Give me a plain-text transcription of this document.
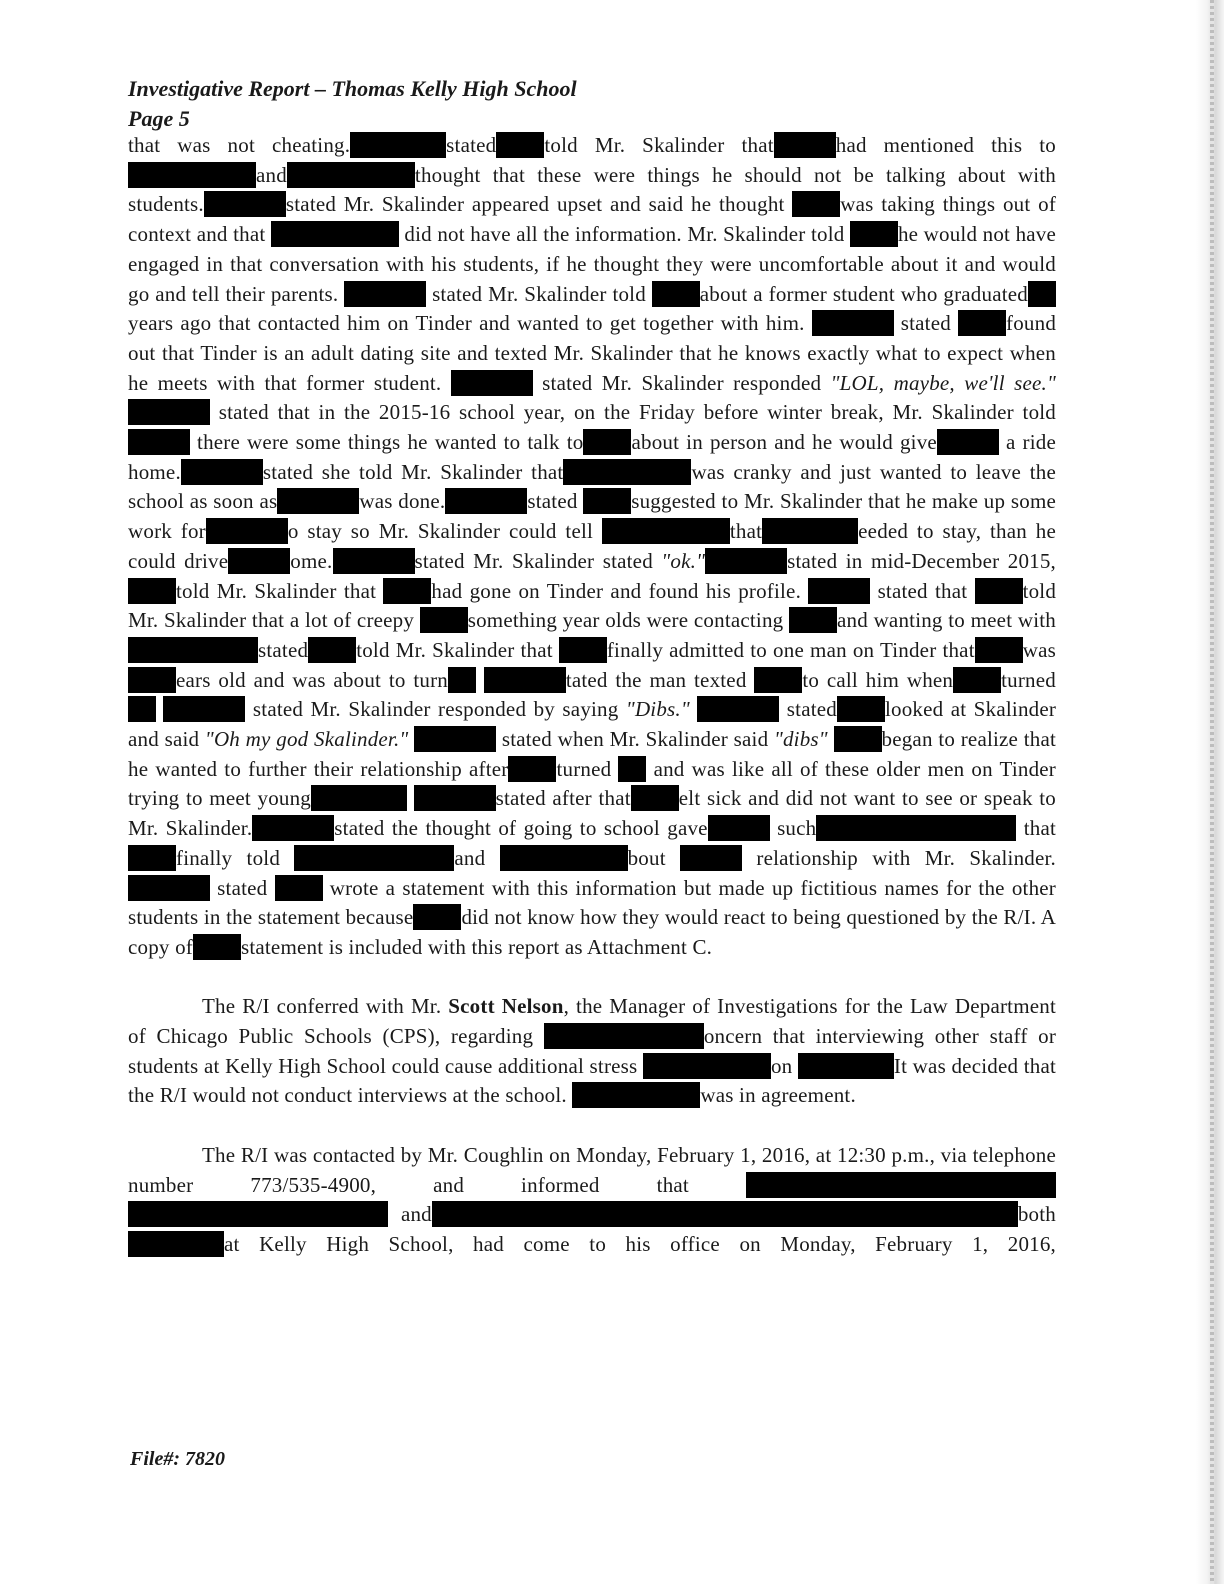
Investigative Report – Thomas Kelly High School
Page 5

that was not cheating.	stated told Mr. Skalinder that	had mentioned this to and	thought that these were things he should not be talking about with students.	stated Mr. Skalinder appeared upset and said he thought	was taking things out of context and that	did not have all the information. Mr. Skalinder told	he would not have engaged in that conversation with his students, if he thought they were uncomfortable about it and would go and tell their parents.	stated Mr. Skalinder told	about a former student who graduatedyears ago that contacted him on Tinder and wanted to get together with him.	stated	found out that Tinder is an adult dating site and texted Mr. Skalinder that he knows exactly what to expect when he meets with that former student.	stated Mr. Skalinder responded "LOL, maybe, we'll see."  stated that in the 2015-16 school year, on the Friday before winter break, Mr. Skalinder told there were some things he wanted to talk to about in person and he would give	a ride home.	stated she told Mr. Skalinder that	was cranky and just wanted to leave the school as soon as	was done.	stated	suggested to Mr. Skalinder that he make up some work for	o stay so Mr. Skalinder could tell	that	eeded to stay, than he could drive	ome.	stated Mr. Skalinder stated "ok."	stated in mid-December 2015,told Mr. Skalinder that	had gone on Tinder and found his profile.	stated that	told Mr. Skalinder that a lot of creepy	something year olds were contacting	and wanting to meet with stated told Mr. Skalinder that	finally admitted to one man on Tinder that wasears old and was about to turn	tated the man texted	to call him when turned   stated Mr. Skalinder responded by saying "Dibs."	stated looked at Skalinder and said "Oh my god Skalinder."	stated when Mr. Skalinder said "dibs"	began to realize that he wanted to further their relationship after turned and was like all of these older men on Tinder trying to meet young	stated after that elt sick and did not want to see or speak to Mr. Skalinder.	stated the thought of going to school gave	such	that finally told	and	bout	relationship with Mr. Skalinder.  stated	wrote a statement with this information but made up fictitious names for the other students in the statement because did not know how they would react to being questioned by the R/I. A copy of statement is included with this report as Attachment C.

The R/I conferred with Mr. Scott Nelson, the Manager of Investigations for the Law Department of Chicago Public Schools (CPS), regarding	oncern that interviewing other staff or students at Kelly High School could cause additional stress	on	It was decided that the R/I would not conduct interviews at the school.	was in agreement.

The R/I was contacted by Mr. Coughlin on Monday, February 1, 2016, at 12:30 p.m., via telephone number 773/535-4900, and informed that   and	both at Kelly High School, had come to his office on Monday, February 1, 2016,

File#: 7820
